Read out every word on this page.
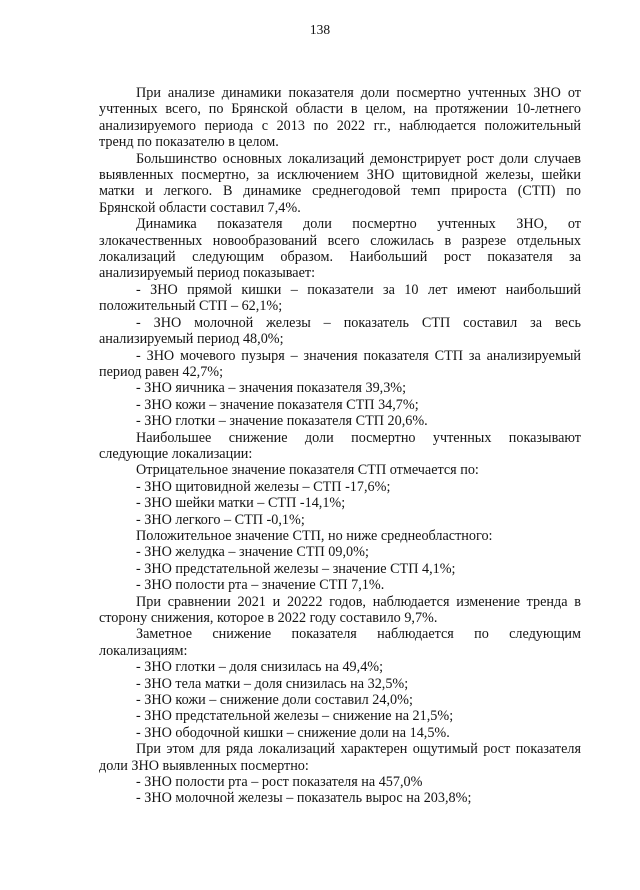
138

При анализе динамики показателя доли посмертно учтенных ЗНО от

учтенных всего, по Брянской области в целом, на протяжении 10-летнего

анализируемого периода с 2013 по 2022 гг., наблюдается положительный

тренд по показателю в целом.

Большинство основных локализаций демонстрирует рост доли случаев

выявленных посмертно, за исключением ЗНО щитовидной железы, шейки

матки и легкого. В динамике среднегодовой темп прироста (СТП) по

Брянской области составил 7,4%.

Динамика показателя доли посмертно учтенных ЗНО, от

злокачественных новообразований всего сложилась в разрезе отдельных

локализаций следующим образом. Наибольший рост показателя за

анализируемый период показывает:

- ЗНО прямой кишки – показатели за 10 лет имеют наибольший

положительный СТП – 62,1%;

- ЗНО молочной железы – показатель СТП составил за весь

анализируемый период 48,0%;

- ЗНО мочевого пузыря – значения показателя СТП за анализируемый

период равен 42,7%;

- ЗНО яичника – значения показателя 39,3%;

- ЗНО кожи – значение показателя СТП 34,7%;

- ЗНО глотки – значение показателя СТП 20,6%.

Наибольшее снижение доли посмертно учтенных показывают

следующие локализации:

Отрицательное значение показателя СТП отмечается по:

- ЗНО щитовидной железы – СТП -17,6%;

- ЗНО шейки матки – СТП -14,1%;

- ЗНО легкого – СТП -0,1%;

Положительное значение СТП, но ниже среднеобластного:

- ЗНО желудка – значение СТП 09,0%;

- ЗНО предстательной железы – значение СТП 4,1%;

- ЗНО полости рта – значение СТП 7,1%.

При сравнении 2021 и 20222 годов, наблюдается изменение тренда в

сторону снижения, которое в 2022 году составило 9,7%.

Заметное снижение показателя наблюдается по следующим

локализациям:

- ЗНО глотки – доля снизилась на 49,4%;

- ЗНО тела матки – доля снизилась на 32,5%;

- ЗНО кожи – снижение доли составил 24,0%;

- ЗНО предстательной железы – снижение на 21,5%;

- ЗНО ободочной кишки – снижение доли на 14,5%.

При этом для ряда локализаций характерен ощутимый рост показателя

доли ЗНО выявленных посмертно:

- ЗНО полости рта – рост показателя на 457,0%

- ЗНО молочной железы – показатель вырос на 203,8%;
